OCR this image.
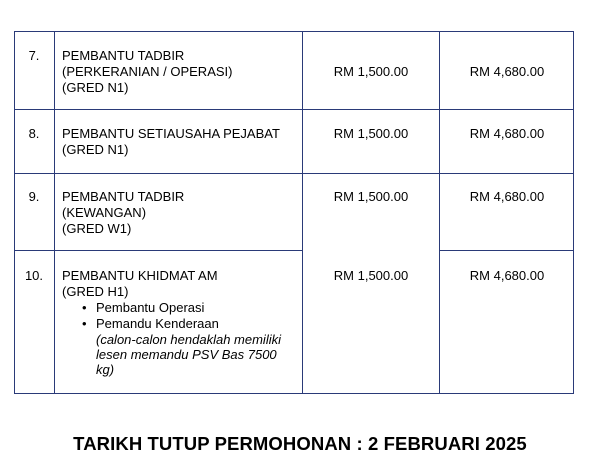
7.	PEMBANTU TADBIR
(PERKERANIAN / OPERASI)
(GRED N1)
RM 1,500.00	RM 4,680.00
8.	PEMBANTU SETIAUSAHA PEJABAT
(GRED N1)
RM 1,500.00	RM 4,680.00
9.	PEMBANTU TADBIR
(KEWANGAN)
(GRED W1)
RM 1,500.00	RM 4,680.00
10.	PEMBANTU KHIDMAT AM
(GRED H1)
• Pembantu Operasi
• Pemandu Kenderaan
(calon-calon hendaklah memiliki
lesen memandu PSV Bas 7500
kg)
RM 1,500.00	RM 4,680.00
TARIKH TUTUP PERMOHONAN : 2 FEBRUARI 2025
